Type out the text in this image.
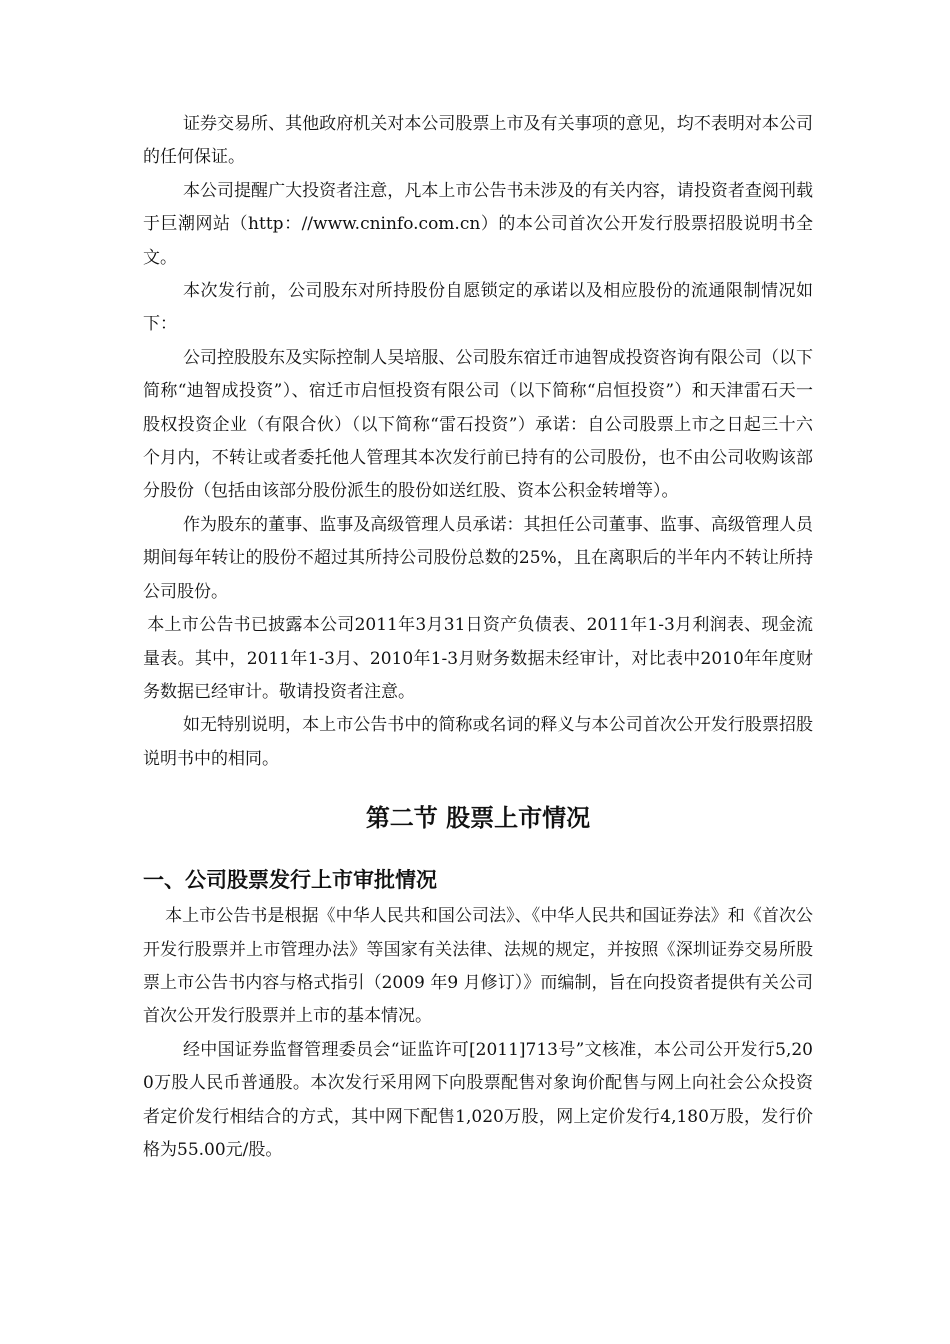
证券交易所、其他政府机关对本公司股票上市及有关事项的意见，均不表明对本公司的任何保证。

本公司提醒广大投资者注意，凡本上市公告书未涉及的有关内容，请投资者查阅刊载于巨潮网站（http：//www.cninfo.com.cn）的本公司首次公开发行股票招股说明书全文。

本次发行前，公司股东对所持股份自愿锁定的承诺以及相应股份的流通限制情况如下：

公司控股股东及实际控制人吴培服、公司股东宿迁市迪智成投资咨询有限公司（以下简称“迪智成投资”）、宿迁市启恒投资有限公司（以下简称“启恒投资”）和天津雷石天一股权投资企业（有限合伙）（以下简称“雷石投资”）承诺：自公司股票上市之日起三十六个月内，不转让或者委托他人管理其本次发行前已持有的公司股份，也不由公司收购该部分股份（包括由该部分股份派生的股份如送红股、资本公积金转增等）。

作为股东的董事、监事及高级管理人员承诺：其担任公司董事、监事、高级管理人员期间每年转让的股份不超过其所持公司股份总数的25%，且在离职后的半年内不转让所持公司股份。

本上市公告书已披露本公司2011年3月31日资产负债表、2011年1-3月利润表、现金流量表。其中，2011年1-3月、2010年1-3月财务数据未经审计，对比表中2010年年度财务数据已经审计。敬请投资者注意。

如无特别说明，本上市公告书中的简称或名词的释义与本公司首次公开发行股票招股说明书中的相同。

第二节 股票上市情况
一、公司股票发行上市审批情况

本上市公告书是根据《中华人民共和国公司法》、《中华人民共和国证券法》和《首次公开发行股票并上市管理办法》等国家有关法律、法规的规定，并按照《深圳证券交易所股票上市公告书内容与格式指引（2009 年9 月修订）》而编制，旨在向投资者提供有关公司首次公开发行股票并上市的基本情况。

经中国证券监督管理委员会“证监许可[2011]713号”文核准，本公司公开发行5,200万股人民币普通股。本次发行采用网下向股票配售对象询价配售与网上向社会公众投资者定价发行相结合的方式，其中网下配售1,020万股，网上定价发行4,180万股，发行价格为55.00元/股。
